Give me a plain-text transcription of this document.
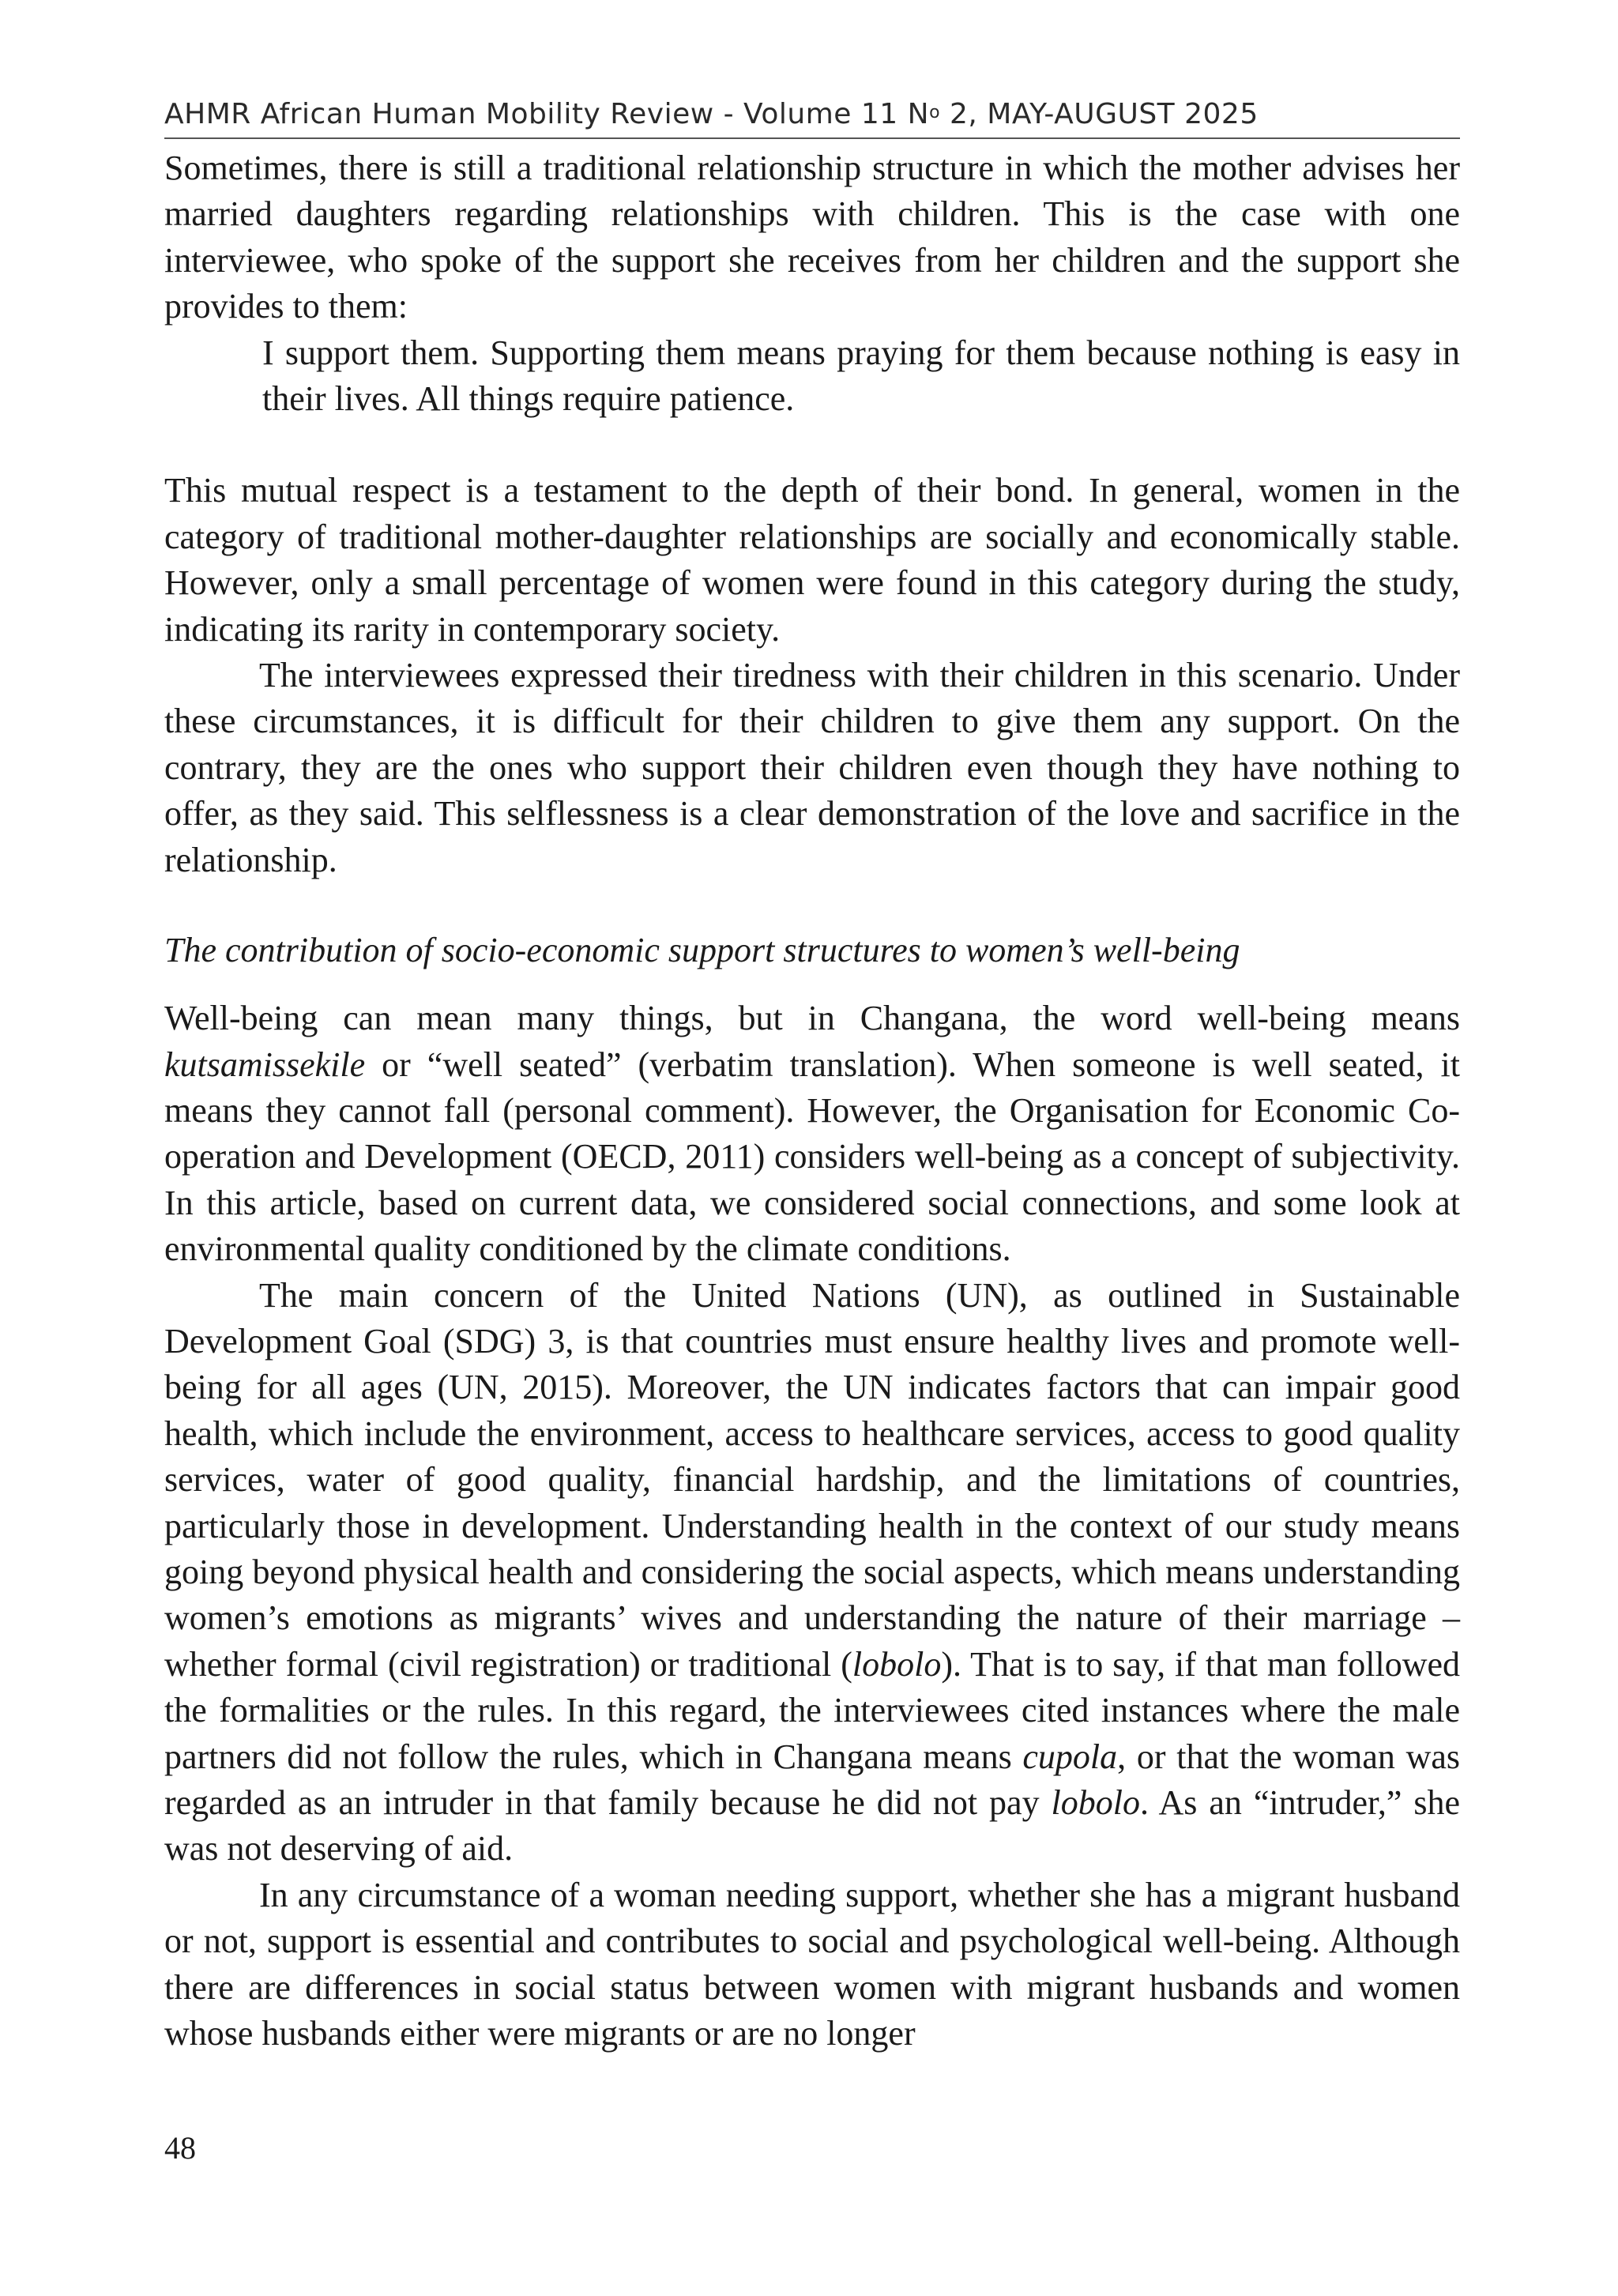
AHMR African Human Mobility Review - Volume 11 $N^o$ 2, MAY-AUGUST 2025

Sometimes, there is still a traditional relationship structure in which the mother advises her married daughters regarding relationships with children. This is the case with one interviewee, who spoke of the support she receives from her children and the support she provides to them:

I support them. Supporting them means praying for them because nothing is easy in their lives. All things require patience.

This mutual respect is a testament to the depth of their bond. In general, women in the category of traditional mother-daughter relationships are socially and economically stable. However, only a small percentage of women were found in this category during the study, indicating its rarity in contemporary society.

The interviewees expressed their tiredness with their children in this scenario. Under these circumstances, it is difficult for their children to give them any support. On the contrary, they are the ones who support their children even though they have nothing to offer, as they said. This selflessness is a clear demonstration of the love and sacrifice in the relationship.

The contribution of socio-economic support structures to women’s well-being

Well-being can mean many things, but in Changana, the word well-being means kutsamissekile or “well seated” (verbatim translation). When someone is well seated, it means they cannot fall (personal comment). However, the Organisation for Economic Co-operation and Development (OECD, 2011) considers well-being as a concept of subjectivity. In this article, based on current data, we considered social connections, and some look at environmental quality conditioned by the climate conditions.

The main concern of the United Nations (UN), as outlined in Sustainable Development Goal (SDG) 3, is that countries must ensure healthy lives and promote well-being for all ages (UN, 2015). Moreover, the UN indicates factors that can impair good health, which include the environment, access to healthcare services, access to good quality services, water of good quality, financial hardship, and the limitations of countries, particularly those in development. Understanding health in the context of our study means going beyond physical health and considering the social aspects, which means understanding women’s emotions as migrants’ wives and understanding the nature of their marriage – whether formal (civil registration) or traditional (lobolo). That is to say, if that man followed the formalities or the rules. In this regard, the interviewees cited instances where the male partners did not follow the rules, which in Changana means cupola, or that the woman was regarded as an intruder in that family because he did not pay lobolo. As an “intruder,” she was not deserving of aid.

In any circumstance of a woman needing support, whether she has a migrant husband or not, support is essential and contributes to social and psychological well-being. Although there are differences in social status between women with migrant husbands and women whose husbands either were migrants or are no longer

48
